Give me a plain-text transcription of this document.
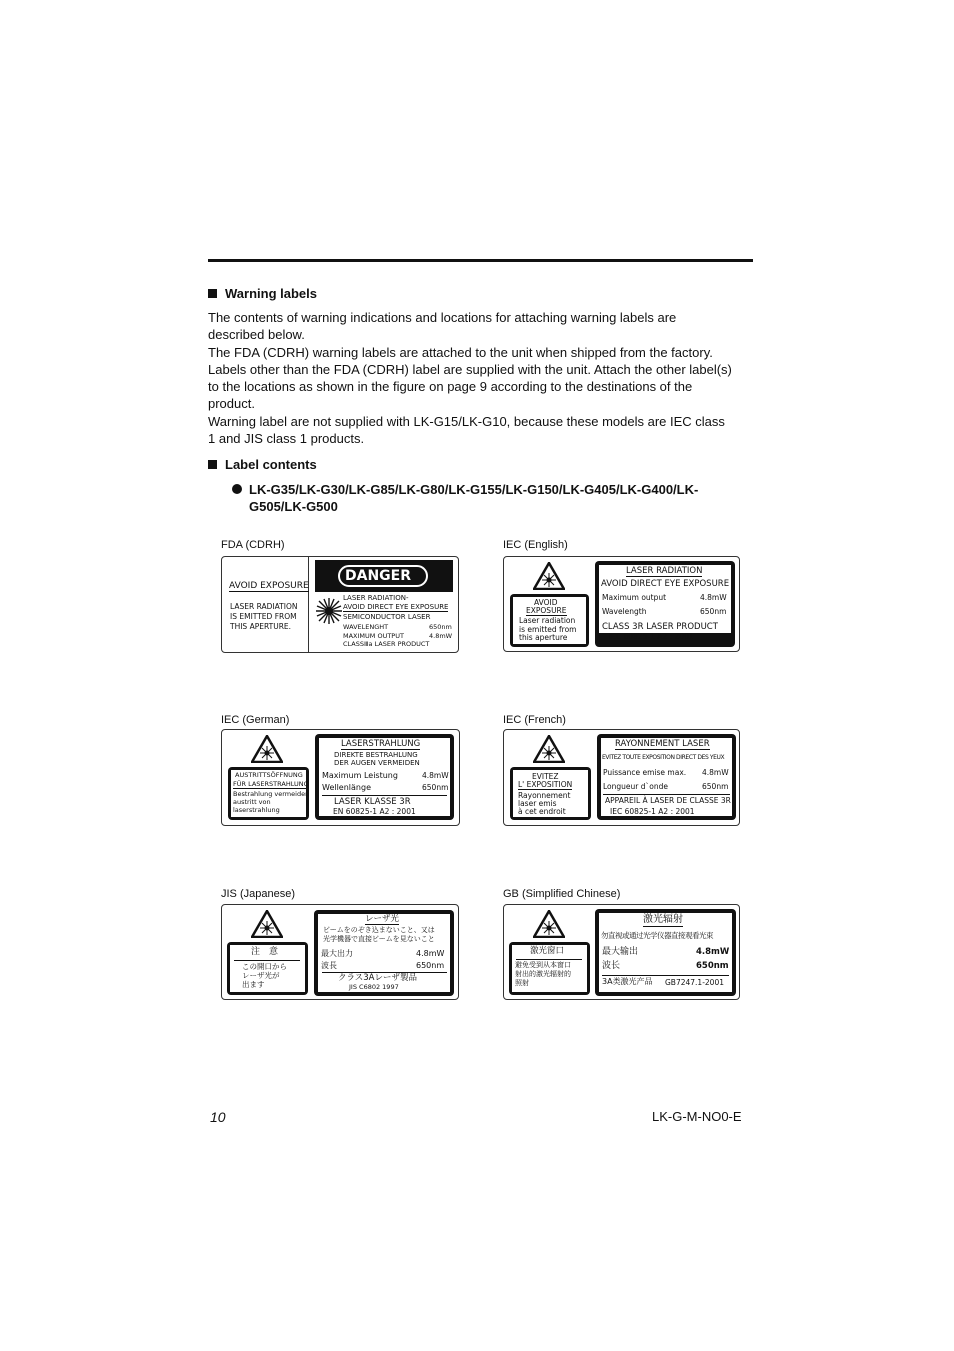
Warning labels
The contents of warning indications and locations for attaching warning labels are
described below.
The FDA (CDRH) warning labels are attached to the unit when shipped from the factory.
Labels other than the FDA (CDRH) label are supplied with the unit. Attach the other label(s)
to the locations as shown in the figure on page 9 according to the destinations of the
product.
Warning label are not supplied with LK-G15/LK-G10, because these models are IEC class
1 and JIS class 1 products.
Label contents
LK-G35/LK-G30/LK-G85/LK-G80/LK-G155/LK-G150/LK-G405/LK-G400/LK-
G505/LK-G500
FDA (CDRH)	IEC (English)
IEC (German)	IEC (French)
JIS (Japanese)	GB (Simplified Chinese)
AVOID EXPOSURE
LASER RADIATION
IS EMITTED FROM
THIS APERTURE.
DANGER
LASER RADIATION-
AVOID DIRECT EYE EXPOSURE
SEMICONDUCTOR LASER
WAVELENGHT	650nm
MAXIMUM OUTPUT	4.8mW
CLASSⅢa LASER PRODUCT
AVOID
EXPOSURE
Laser radiation
is emitted from
this aperture
LASER RADIATION
AVOID DIRECT EYE EXPOSURE
Maximum output	4.8mW
Wavelength	650nm
CLASS 3R LASER PRODUCT
IEC 60825-1 A2 : 2001
AUSTRITTSÖFFNUNG
FÜR LASERSTRAHLUNG
Bestrahlung vermeiden
austritt von
laserstrahlung
LASERSTRAHLUNG
DIREKTE BESTRAHLUNG
DER AUGEN VERMEIDEN
Maximum Leistung	4.8mW
Wellenlänge	650nm
LASER KLASSE 3R
EN 60825-1 A2 : 2001
EVITEZ
L' EXPOSITION
Rayonnement
laser emis
à cet endroit
RAYONNEMENT LASER
EVITEZ TOUTE EXPOSITION DIRECT DES YEUX
Puissance emise max. 4.8mW
Longueur d`onde	650nm
APPAREIL À LASER DE CLASSE 3R
IEC 60825-1 A2 : 2001
注　意
この開口から
レーザ光が
出ます
レーザ光
ビームをのぞき込まないこと、又は
光学機器で直接ビームを見ないこと
最大出力	4.8mW
波長	650nm
クラス3Aレーザ製品
JIS C6802 1997
激光窗口
避免受到从本窗口
射出的激光辐射的
照射
激光辐射
勿直视或通过光学仪器直接观看光束
最大输出	4.8mW
波长	650nm
3A类激光产品 GB7247.1-2001
10	LK-G-M-NO0-E
